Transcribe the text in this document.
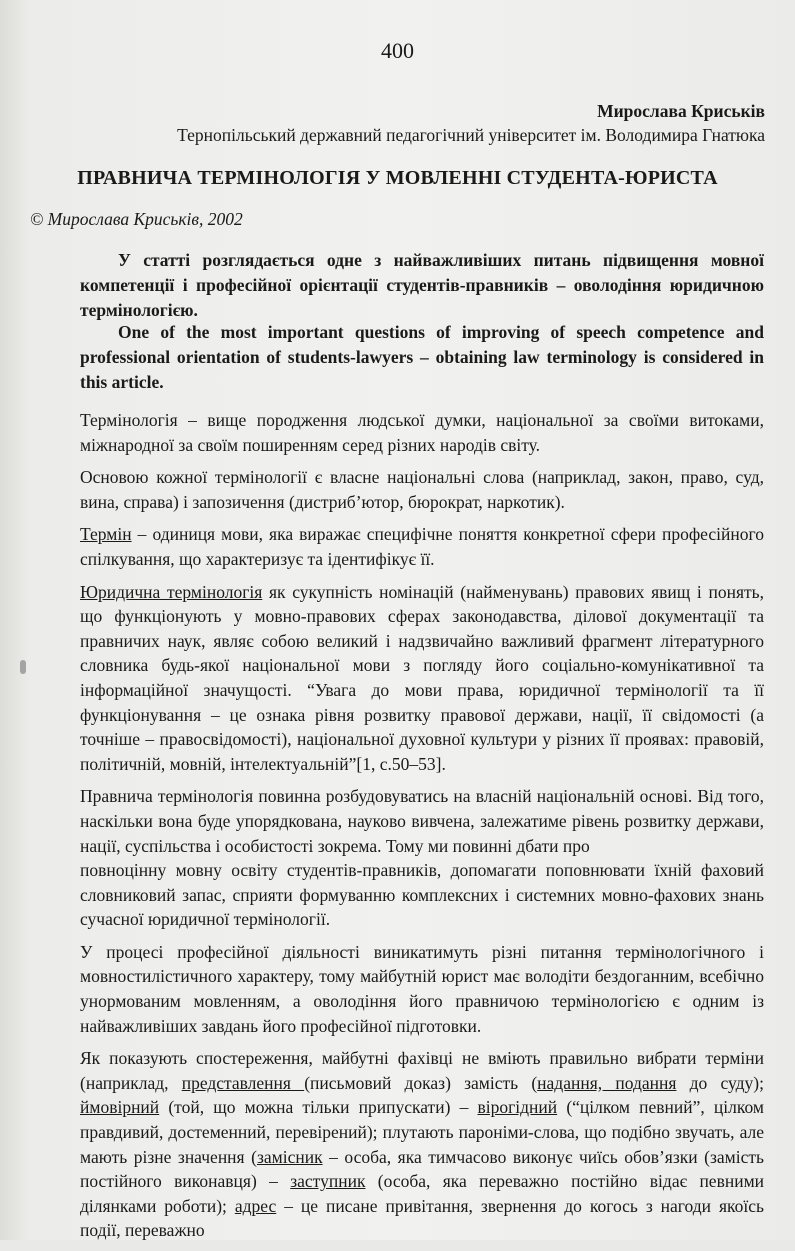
400
Мирослава Криськів
Тернопільський державний педагогічний університет ім. Володимира Гнатюка
ПРАВНИЧА ТЕРМІНОЛОГІЯ У МОВЛЕННІ СТУДЕНТА-ЮРИСТА
© Мирослава Криськів, 2002
У статті розглядається одне з найважливіших питань підвищення мовної компетенції і професійної орієнтації студентів-правників – оволодіння юридичною термінологією.
One of the most important questions of improving of speech competence and professional orientation of students-lawyers – obtaining law terminology is considered in this article.

Термінологія – вище породження людської думки, національної за своїми витоками, міжнародної за своїм поширенням серед різних народів світу.

Основою кожної термінології є власне національні слова (наприклад, закон, право, суд, вина, справа) і запозичення (дистриб’ютор, бюрократ, наркотик).

Термін – одиниця мови, яка виражає специфічне поняття конкретної сфери професійного спілкування, що характеризує та ідентифікує її.

Юридична термінологія як сукупність номінацій (найменувань) правових явищ і понять, що функціонують у мовно-правових сферах законодавства, ділової документації та правничих наук, являє собою великий і надзвичайно важливий фрагмент літературного словника будь-якої національної мови з погляду його соціально-комунікативної та інформаційної значущості. “Увага до мови права, юридичної термінології та її функціонування – це ознака рівня розвитку правової держави, нації, її свідомості (а точніше – правосвідомості), національної духовної культури у різних її проявах: правовій, політичній, мовній, інтелектуальній”[1, с.50–53].

Правнича термінологія повинна розбудовуватись на власній національній основі. Від того, наскільки вона буде упорядкована, науково вивчена, залежатиме рівень розвитку держави, нації, суспільства і особистості зокрема. Тому ми повинні дбати про

повноцінну мовну освіту студентів-правників, допомагати поповнювати їхній фаховий словниковий запас, сприяти формуванню комплексних і системних мовно-фахових знань сучасної юридичної термінології.

У процесі професійної діяльності виникатимуть різні питання термінологічного і мовностилістичного характеру, тому майбутній юрист має володіти бездоганним, всебічно унормованим мовленням, а оволодіння його правничою термінологією є одним із найважливіших завдань його професійної підготовки.

Як показують спостереження, майбутні фахівці не вміють правильно вибрати терміни (наприклад, представлення (письмовий доказ) замість (надання, подання до суду); ймовірний (той, що можна тільки припускати) – вірогідний (“цілком певний”, цілком правдивий, достеменний, перевірений); плутають пароніми-слова, що подібно звучать, але мають різне значення (замісник – особа, яка тимчасово виконує чиїсь обов’язки (замість постійного виконавця) – заступник (особа, яка переважно постійно відає певними ділянками роботи); адрес – це писане привітання, звернення до когось з нагоди якоїсь події, переважно
